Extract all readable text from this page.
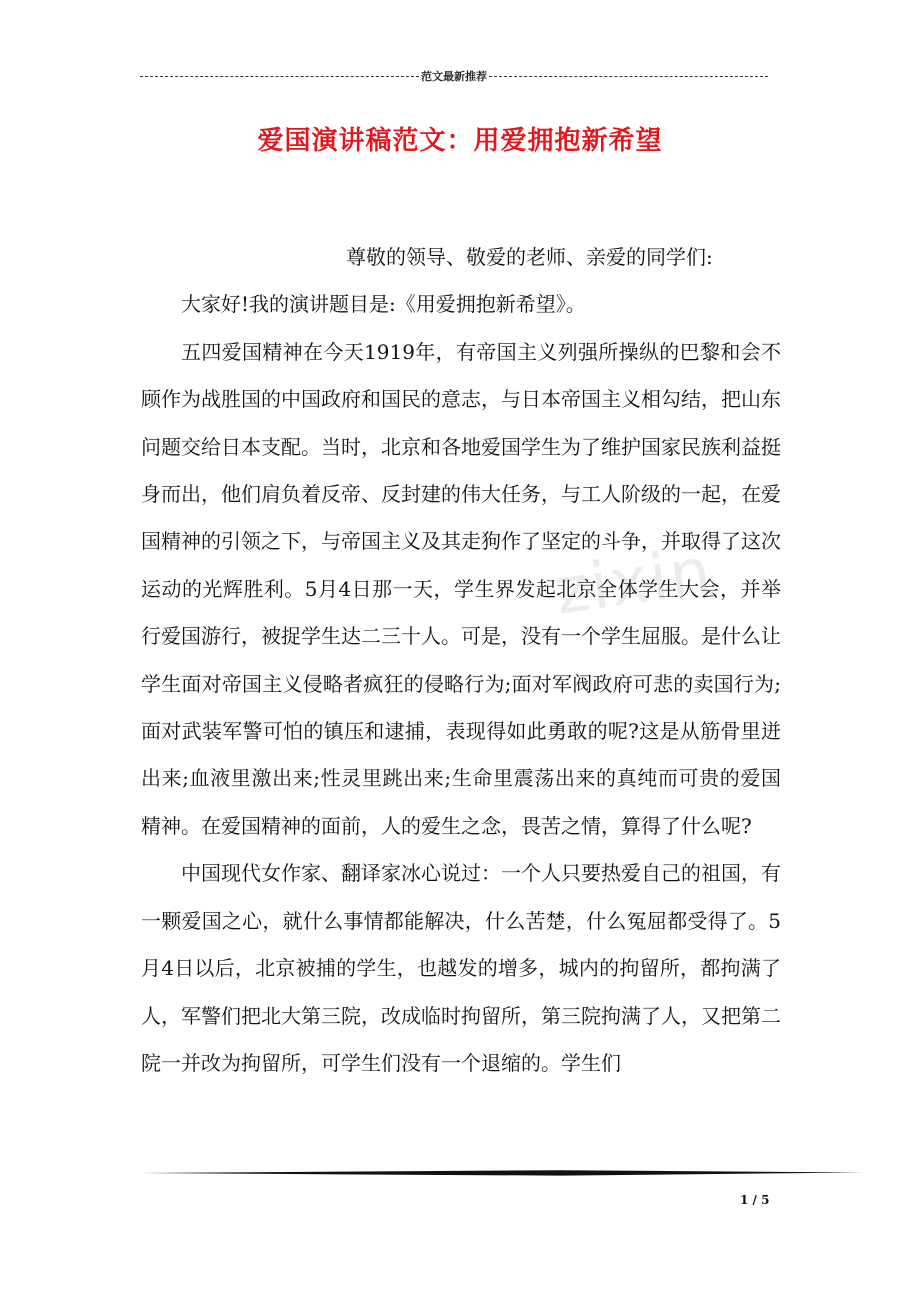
范文最新推荐
爱国演讲稿范文：用爱拥抱新希望
zixin

尊敬的领导、敬爱的老师、亲爱的同学们:

大家好!我的演讲题目是:《用爱拥抱新希望》。

五四爱国精神在今天1919年，有帝国主义列强所操纵的巴黎和会不顾作为战胜国的中国政府和国民的意志，与日本帝国主义相勾结，把山东问题交给日本支配。当时，北京和各地爱国学生为了维护国家民族利益挺身而出，他们肩负着反帝、反封建的伟大任务，与工人阶级的一起，在爱国精神的引领之下，与帝国主义及其走狗作了坚定的斗争，并取得了这次运动的光辉胜利。5月4日那一天，学生界发起北京全体学生大会，并举行爱国游行，被捉学生达二三十人。可是，没有一个学生屈服。是什么让学生面对帝国主义侵略者疯狂的侵略行为;面对军阀政府可悲的卖国行为;面对武装军警可怕的镇压和逮捕，表现得如此勇敢的呢?这是从筋骨里迸出来;血液里激出来;性灵里跳出来;生命里震荡出来的真纯而可贵的爱国精神。在爱国精神的面前，人的爱生之念，畏苦之情，算得了什么呢?

中国现代女作家、翻译家冰心说过：一个人只要热爱自己的祖国，有一颗爱国之心，就什么事情都能解决，什么苦楚，什么冤屈都受得了。5月4日以后，北京被捕的学生，也越发的增多，城内的拘留所，都拘满了人，军警们把北大第三院，改成临时拘留所，第三院拘满了人，又把第二院一并改为拘留所，可学生们没有一个退缩的。学生们

1 / 5
